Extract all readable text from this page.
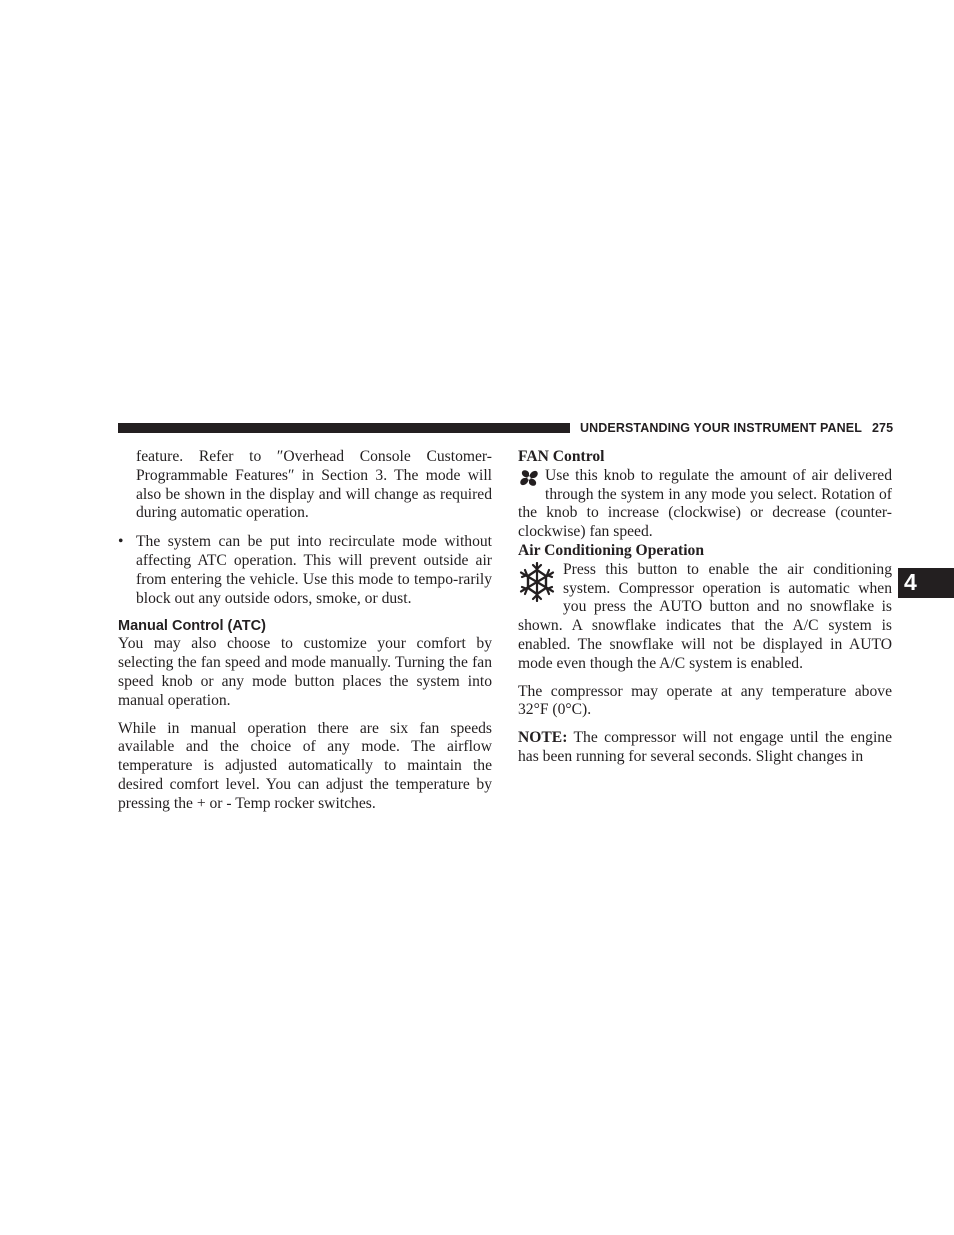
UNDERSTANDING YOUR INSTRUMENT PANEL 275
4

feature. Refer to ″Overhead Console Customer-Programmable Features″ in Section 3. The mode will also be shown in the display and will change as required during automatic operation.

• The system can be put into recirculate mode without affecting ATC operation. This will prevent outside air from entering the vehicle. Use this mode to tempo-rarily block out any outside odors, smoke, or dust.

Manual Control (ATC)

You may also choose to customize your comfort by selecting the fan speed and mode manually. Turning the fan speed knob or any mode button places the system into manual operation.

While in manual operation there are six fan speeds available and the choice of any mode. The airflow temperature is adjusted automatically to maintain the desired comfort level. You can adjust the temperature by pressing the + or - Temp rocker switches.

FAN Control

Use this knob to regulate the amount of air delivered through the system in any mode you select. Rotation of the knob to increase (clockwise) or decrease (counter-clockwise) fan speed.

Air Conditioning Operation

Press this button to enable the air conditioning system. Compressor operation is automatic when you press the AUTO button and no snowflake is shown. A snowflake indicates that the A/C system is enabled. The snowflake will not be displayed in AUTO mode even though the A/C system is enabled.

The compressor may operate at any temperature above 32°F (0°C).

NOTE: The compressor will not engage until the engine has been running for several seconds. Slight changes in
